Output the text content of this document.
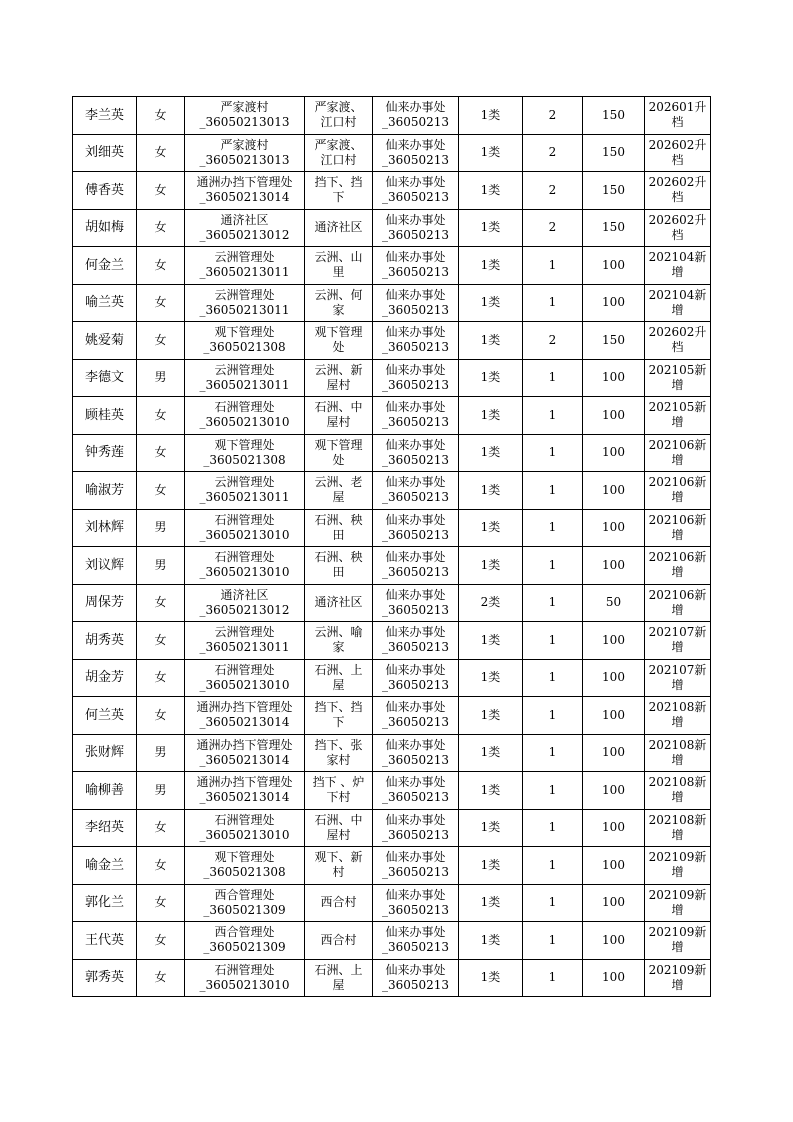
李兰英	女	严家渡村
_36050213013	严家渡、
江口村	仙来办事处
_36050213	1类	2	150	202601升
档
刘细英	女	严家渡村
_36050213013	严家渡、
江口村	仙来办事处
_36050213	1类	2	150	202602升
档
傅香英	女	通洲办挡下管理处
_36050213014	挡下、挡
下	仙来办事处
_36050213	1类	2	150	202602升
档
胡如梅	女	通济社区
_36050213012	通济社区	仙来办事处
_36050213	1类	2	150	202602升
档
何金兰	女	云洲管理处
_36050213011	云洲、山
里	仙来办事处
_36050213	1类	1	100	202104新
增
喻兰英	女	云洲管理处
_36050213011	云洲、何
家	仙来办事处
_36050213	1类	1	100	202104新
增
姚爱菊	女	观下管理处
_3605021308	观下管理
处	仙来办事处
_36050213	1类	2	150	202602升
档
李德文	男	云洲管理处
_36050213011	云洲、新
屋村	仙来办事处
_36050213	1类	1	100	202105新
增
顾桂英	女	石洲管理处
_36050213010	石洲、中
屋村	仙来办事处
_36050213	1类	1	100	202105新
增
钟秀莲	女	观下管理处
_3605021308	观下管理
处	仙来办事处
_36050213	1类	1	100	202106新
增
喻淑芳	女	云洲管理处
_36050213011	云洲、老
屋	仙来办事处
_36050213	1类	1	100	202106新
增
刘林辉	男	石洲管理处
_36050213010	石洲、秧
田	仙来办事处
_36050213	1类	1	100	202106新
增
刘议辉	男	石洲管理处
_36050213010	石洲、秧
田	仙来办事处
_36050213	1类	1	100	202106新
增
周保芳	女	通济社区
_36050213012	通济社区	仙来办事处
_36050213	2类	1	50	202106新
增
胡秀英	女	云洲管理处
_36050213011	云洲、喻
家	仙来办事处
_36050213	1类	1	100	202107新
增
胡金芳	女	石洲管理处
_36050213010	石洲、上
屋	仙来办事处
_36050213	1类	1	100	202107新
增
何兰英	女	通洲办挡下管理处
_36050213014	挡下、挡
下	仙来办事处
_36050213	1类	1	100	202108新
增
张财辉	男	通洲办挡下管理处
_36050213014	挡下、张
家村	仙来办事处
_36050213	1类	1	100	202108新
增
喻柳善	男	通洲办挡下管理处
_36050213014	挡下 、炉
下村	仙来办事处
_36050213	1类	1	100	202108新
增
李绍英	女	石洲管理处
_36050213010	石洲、中
屋村	仙来办事处
_36050213	1类	1	100	202108新
增
喻金兰	女	观下管理处
_3605021308	观下、新
村	仙来办事处
_36050213	1类	1	100	202109新
增
郭化兰	女	西合管理处
_3605021309	西合村	仙来办事处
_36050213	1类	1	100	202109新
增
王代英	女	西合管理处
_3605021309	西合村	仙来办事处
_36050213	1类	1	100	202109新
增
郭秀英	女	石洲管理处
_36050213010	石洲、上
屋	仙来办事处
_36050213	1类	1	100	202109新
增
